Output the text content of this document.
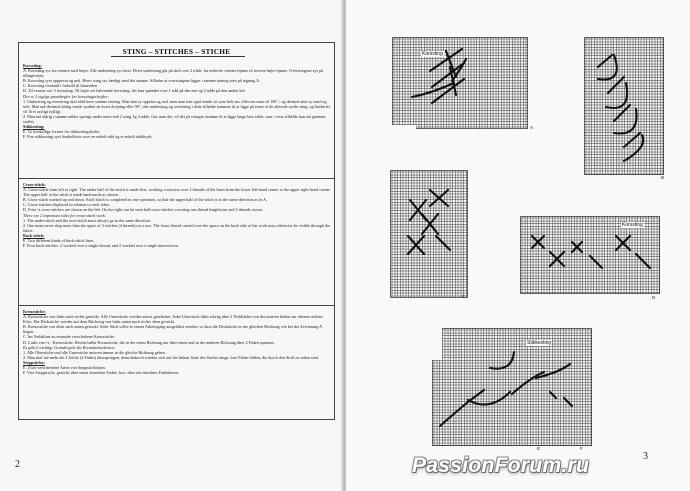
STING – STITCHES – STICHE

Korssting:

A. Korssting sys fra venstre mod højre. Alle understing sys først. Hvert understing går på skrå over 2 tråde, fra nederste venstre hjørne til øverste højre hjørne. Overstingene sys på tilbagevejen.

B. Korssting syet opppefra og ned. Hvert sting sys færdigt med det samme. Silledes at overstingene ligger i samme retning som på tegning A.

C. Korssting forskudt i forhold til linnenden.

D. Til venstre ses ½ korssting. Til højre ses halvsende korssting, der kun spænder over 1 tråd på den ene og 2 tråde på den anden led.

Der er 2 vigtige grundregler for korsstingarbejder:

1. Understing og overstting skal altid have samme retning. Man kan sy oppefra og ned, men man kan også vende sit syne helt om, eller om man vil 180 °, og dermed atter sy med sig selv. Man må derimod aldrig vende syarbet en kvart drejning eller 90°, idet understing og overstting i dette tilfælde kommer til at ligge på tværs af de allerede syede sting, og broderiet vil få et uroligt tydligt.

2. Man må aldrig i samme række springe under mere end 2 sting. Ig 4 tråde. Gør man det, vil det på vrangen komme til at ligge lange løse tråde, som i visse tilfælde kan ses gennem stoffet.

Stikkesting:

E. To forskellige former for stikkestingsløsler.

F. Fire stikkesting syet henholdsvis over en enkelt tråd og et enkelt trådkryds.

Cross-stitch:

A. Cross-stitch from left to right. The under half of the stitch is made first, working crosswise over 2 threads of the linen from the lower left-hand corner to the upper right-hand corner. The upper half of the stitch is made backwards as shown.

B. Cross-stitch worked up and down. Each stitch is completed in one operation, so that the upper half of the stitch is in the same direction as in A.

C. Cross-stitches displaced in relation to each other.

D. Four ¼ cross-stitches are shown on the left. On the right can be seen half cross-stitches covering one thread lengthwise and 2 threads across.

There are 2 important rules for cross-stitch work:

1. The under-stitch and the over-stitch must always go in the same direction.

2. One must never skip more than the space of 2 stitches (4 threads) in a row. The loose thread carried over the space on the back side of the work may otherwise be visible through the fabric.

Back-stitch:

E. Two different kinds of back-stitch lines.

F. Four back-stitches: 2 worked over a single thread, and 2 worked over a single intersection.

Kreuzstiche:

A. Kreuzstiche von links nach rechts gestickt. Alle Unterstiche werden zuerst gearbeitet. Jeder Unterstich führt schräg über 2 Wohlfäden von der unteren linken zur oberen rechten Ecke. Die Deckstiche werden auf dem Rückweg von links unten nach rechts oben gestickt.

B. Kreuzstiche von oben nach unten gestickt. Jeder Stich sollte in einem Arbeitsgang ausgeführt werden, so dass die Deckstiche in der gleichen Richtung wie bei der Zeichnung A liegen.

C. Im Verhältnis zu einander verschobene Kreuzstiche.

D. Links vier ¼ - Kreuzstiche. Rechts halbe Kreuzstiche, die in der einen Richtung nur über einen und in der anderen Richtung über 2 Fäden spannen.

Es gibt 2 wichtige Grundregeln für Kreuzsticharbeiten:

1. Alle Oberstiche und alle Unterstiche müssen immer in die gleiche Richtung gehen.

2. Man darf nie mehr als 2 Stiche (4 Fäden) überspringen, denn dadurch würden sich auf der linken Seite des Stoffes lange, lose Fäden bilden, die durch den Stoff zu sehen sind.

Steppstiche:

E. Zwei verschiedene Arten von Steppstichlinien.

F. Vier Steppstiche, gestickt über einen einzelnen Faden, bzw. über ein einzelnes Fadenkreuz.

2
3
Korssting
A
B
C
Korssting
D
Stikkesting
E	F
PassionForum.ru
